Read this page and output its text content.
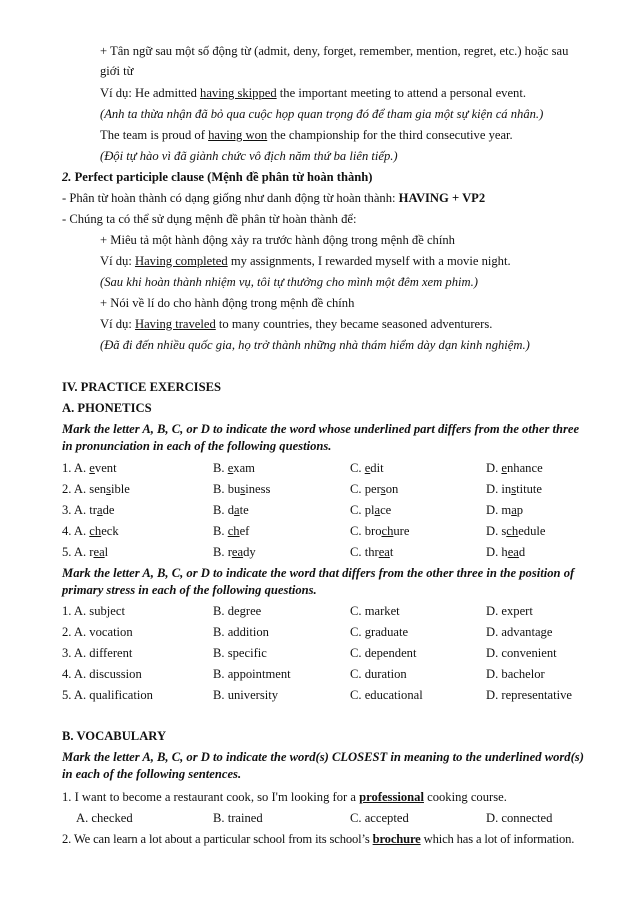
+ Tân ngữ sau một số động từ (admit, deny, forget, remember, mention, regret, etc.) hoặc sau
giới từ
Ví dụ: He admitted having skipped the important meeting to attend a personal event.
(Anh ta thừa nhận đã bỏ qua cuộc họp quan trọng đó để tham gia một sự kiện cá nhân.)
The team is proud of having won the championship for the third consecutive year.
(Đội tự hào vì đã giành chức vô địch năm thứ ba liên tiếp.)
2. Perfect participle clause (Mệnh đề phân từ hoàn thành)
- Phân từ hoàn thành có dạng giống như danh động từ hoàn thành: HAVING + VP2
- Chúng ta có thể sử dụng mệnh đề phân từ hoàn thành để:
+ Miêu tả một hành động xảy ra trước hành động trong mệnh đề chính
Ví dụ: Having completed my assignments, I rewarded myself with a movie night.
(Sau khi hoàn thành nhiệm vụ, tôi tự thưởng cho mình một đêm xem phim.)
+ Nói về lí do cho hành động trong mệnh đề chính
Ví dụ: Having traveled to many countries, they became seasoned adventurers.
(Đã đi đến nhiều quốc gia, họ trở thành những nhà thám hiểm dày dạn kinh nghiệm.)
IV. PRACTICE EXERCISES
A. PHONETICS
Mark the letter A, B, C, or D to indicate the word whose underlined part differs from the other three
in pronunciation in each of the following questions.
1. A. event	B. exam	C. edit	D. enhance
2. A. sensible	B. business	C. person	D. institute
3. A. trade	B. date	C. place	D. map
4. A. check	B. chef	C. brochure	D. schedule
5. A. real	B. ready	C. threat	D. head
Mark the letter A, B, C, or D to indicate the word that differs from the other three in the position of
primary stress in each of the following questions.
1. A. subject	B. degree	C. market	D. expert
2. A. vocation	B. addition	C. graduate	D. advantage
3. A. different	B. specific	C. dependent	D. convenient
4. A. discussion	B. appointment	C. duration	D. bachelor
5. A. qualification	B. university	C. educational	D. representative
B. VOCABULARY
Mark the letter A, B, C, or D to indicate the word(s) CLOSEST in meaning to the underlined word(s)
in each of the following sentences.
1. I want to become a restaurant cook, so I'm looking for a professional cooking course.
A. checked	B. trained	C. accepted	D. connected
2. We can learn a lot about a particular school from its school’s brochure which has a lot of information.
